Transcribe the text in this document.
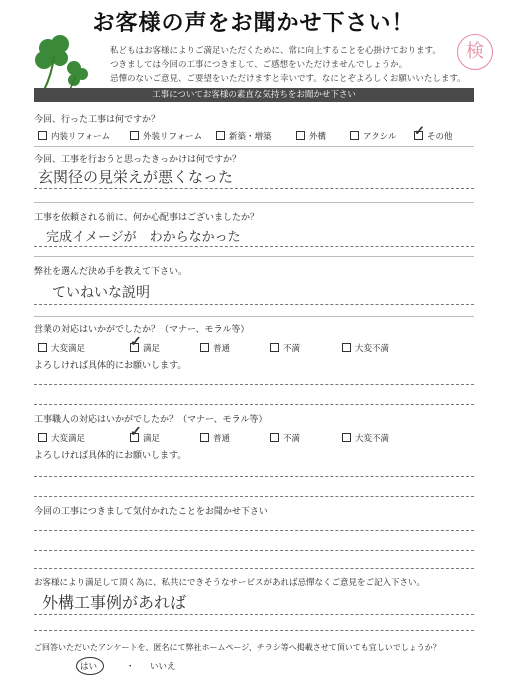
お客様の声をお聞かせ下さい！
私どもはお客様によりご満足いただくために、常に向上することを心掛けております。
つきましては今回の工事につきまして、ご感想をいただけませんでしょうか。
忌憚のないご意見、ご要望をいただけますと幸いです。なにとぞよろしくお願いいたします。
検
工事についてお客様の素直な気持ちをお聞かせ下さい
今回、行った工事は何ですか？
内装リフォーム	外装リフォーム	新築・増築	外構	アクシル	その他
✓
今回、工事を行おうと思ったきっかけは何ですか？
玄関径の見栄えが悪くなった
工事を依頼される前に、何か心配事はございましたか？
完成イメージが　わからなかった
弊社を選んだ決め手を教えて下さい。
ていねいな説明
営業の対応はいかがでしたか？（マナー、モラル等）
大変満足	満足	普通	不満	大変不満
✓
よろしければ具体的にお願いします。
工事職人の対応はいかがでしたか？（マナー、モラル等）
大変満足	満足	普通	不満	大変不満
✓
よろしければ具体的にお願いします。
今回の工事につきまして気付かれたことをお聞かせ下さい
お客様により満足して頂く為に、私共にできそうなサービスがあれば忌憚なくご意見をご記入下さい。
外構工事例があれば
ご回答いただいたアンケートを、匿名にて弊社ホームページ、チラシ等へ掲載させて頂いても宜しいでしょうか？
はい	・ いいえ
